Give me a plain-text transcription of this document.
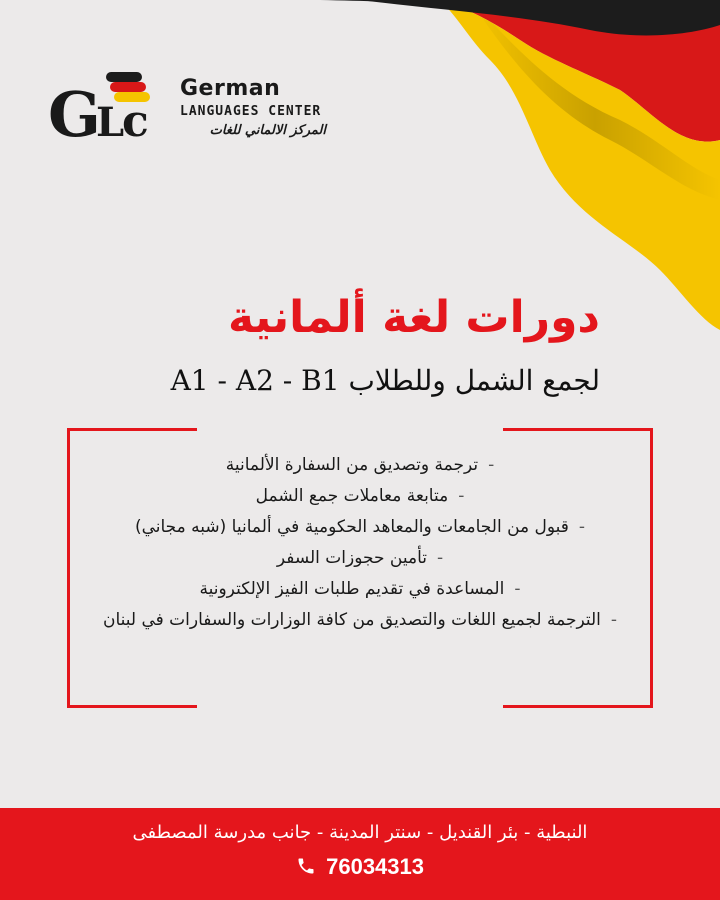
G
L
c
German
LANGUAGES CENTER
المركز الالماني للغات
دورات لغة ألمانية
لجمع الشمل وللطلاب A1 - A2 - B1
-ترجمة وتصديق من السفارة الألمانية
-متابعة معاملات جمع الشمل
-قبول من الجامعات والمعاهد الحكومية في ألمانيا (شبه مجاني)
-تأمين حجوزات السفر
-المساعدة في تقديم طلبات الفيز الإلكترونية
-الترجمة لجميع اللغات والتصديق من كافة الوزارات والسفارات في لبنان
النبطية - بئر القنديل - سنتر المدينة - جانب مدرسة المصطفى
76034313
